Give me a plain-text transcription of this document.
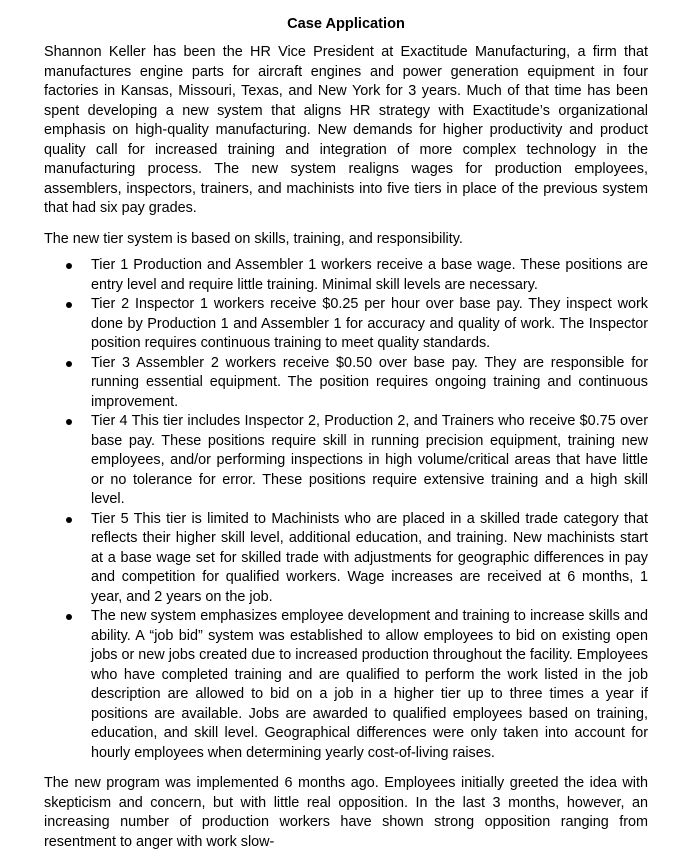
Case Application

Shannon Keller has been the HR Vice President at Exactitude Manufacturing, a firm that manufactures engine parts for aircraft engines and power generation equipment in four factories in Kansas, Missouri, Texas, and New York for 3 years. Much of that time has been spent developing a new system that aligns HR strategy with Exactitude’s organizational emphasis on high-quality manufacturing. New demands for higher productivity and product quality call for increased training and integration of more complex technology in the manufacturing process. The new system realigns wages for production employees, assemblers, inspectors, trainers, and machinists into five tiers in place of the previous system that had six pay grades.

The new tier system is based on skills, training, and responsibility.

Tier 1 Production and Assembler 1 workers receive a base wage. These positions are entry level and require little training. Minimal skill levels are necessary.
Tier 2 Inspector 1 workers receive $0.25 per hour over base pay. They inspect work done by Production 1 and Assembler 1 for accuracy and quality of work. The Inspector position requires continuous training to meet quality standards.
Tier 3 Assembler 2 workers receive $0.50 over base pay. They are responsible for running essential equipment. The position requires ongoing training and continuous improvement.
Tier 4 This tier includes Inspector 2, Production 2, and Trainers who receive $0.75 over base pay. These positions require skill in running precision equipment, training new employees, and/or performing inspections in high volume/critical areas that have little or no tolerance for error. These positions require extensive training and a high skill level.
Tier 5 This tier is limited to Machinists who are placed in a skilled trade category that reflects their higher skill level, additional education, and training. New machinists start at a base wage set for skilled trade with adjustments for geographic differences in pay and competition for qualified workers. Wage increases are received at 6 months, 1 year, and 2 years on the job.
The new system emphasizes employee development and training to increase skills and ability. A “job bid” system was established to allow employees to bid on existing open jobs or new jobs created due to increased production throughout the facility. Employees who have completed training and are qualified to perform the work listed in the job description are allowed to bid on a job in a higher tier up to three times a year if positions are available. Jobs are awarded to qualified employees based on training, education, and skill level. Geographical differences were only taken into account for hourly employees when determining yearly cost-of-living raises.

The new program was implemented 6 months ago. Employees initially greeted the idea with skepticism and concern, but with little real opposition. In the last 3 months, however, an increasing number of production workers have shown strong opposition ranging from resentment to anger with work slow-
